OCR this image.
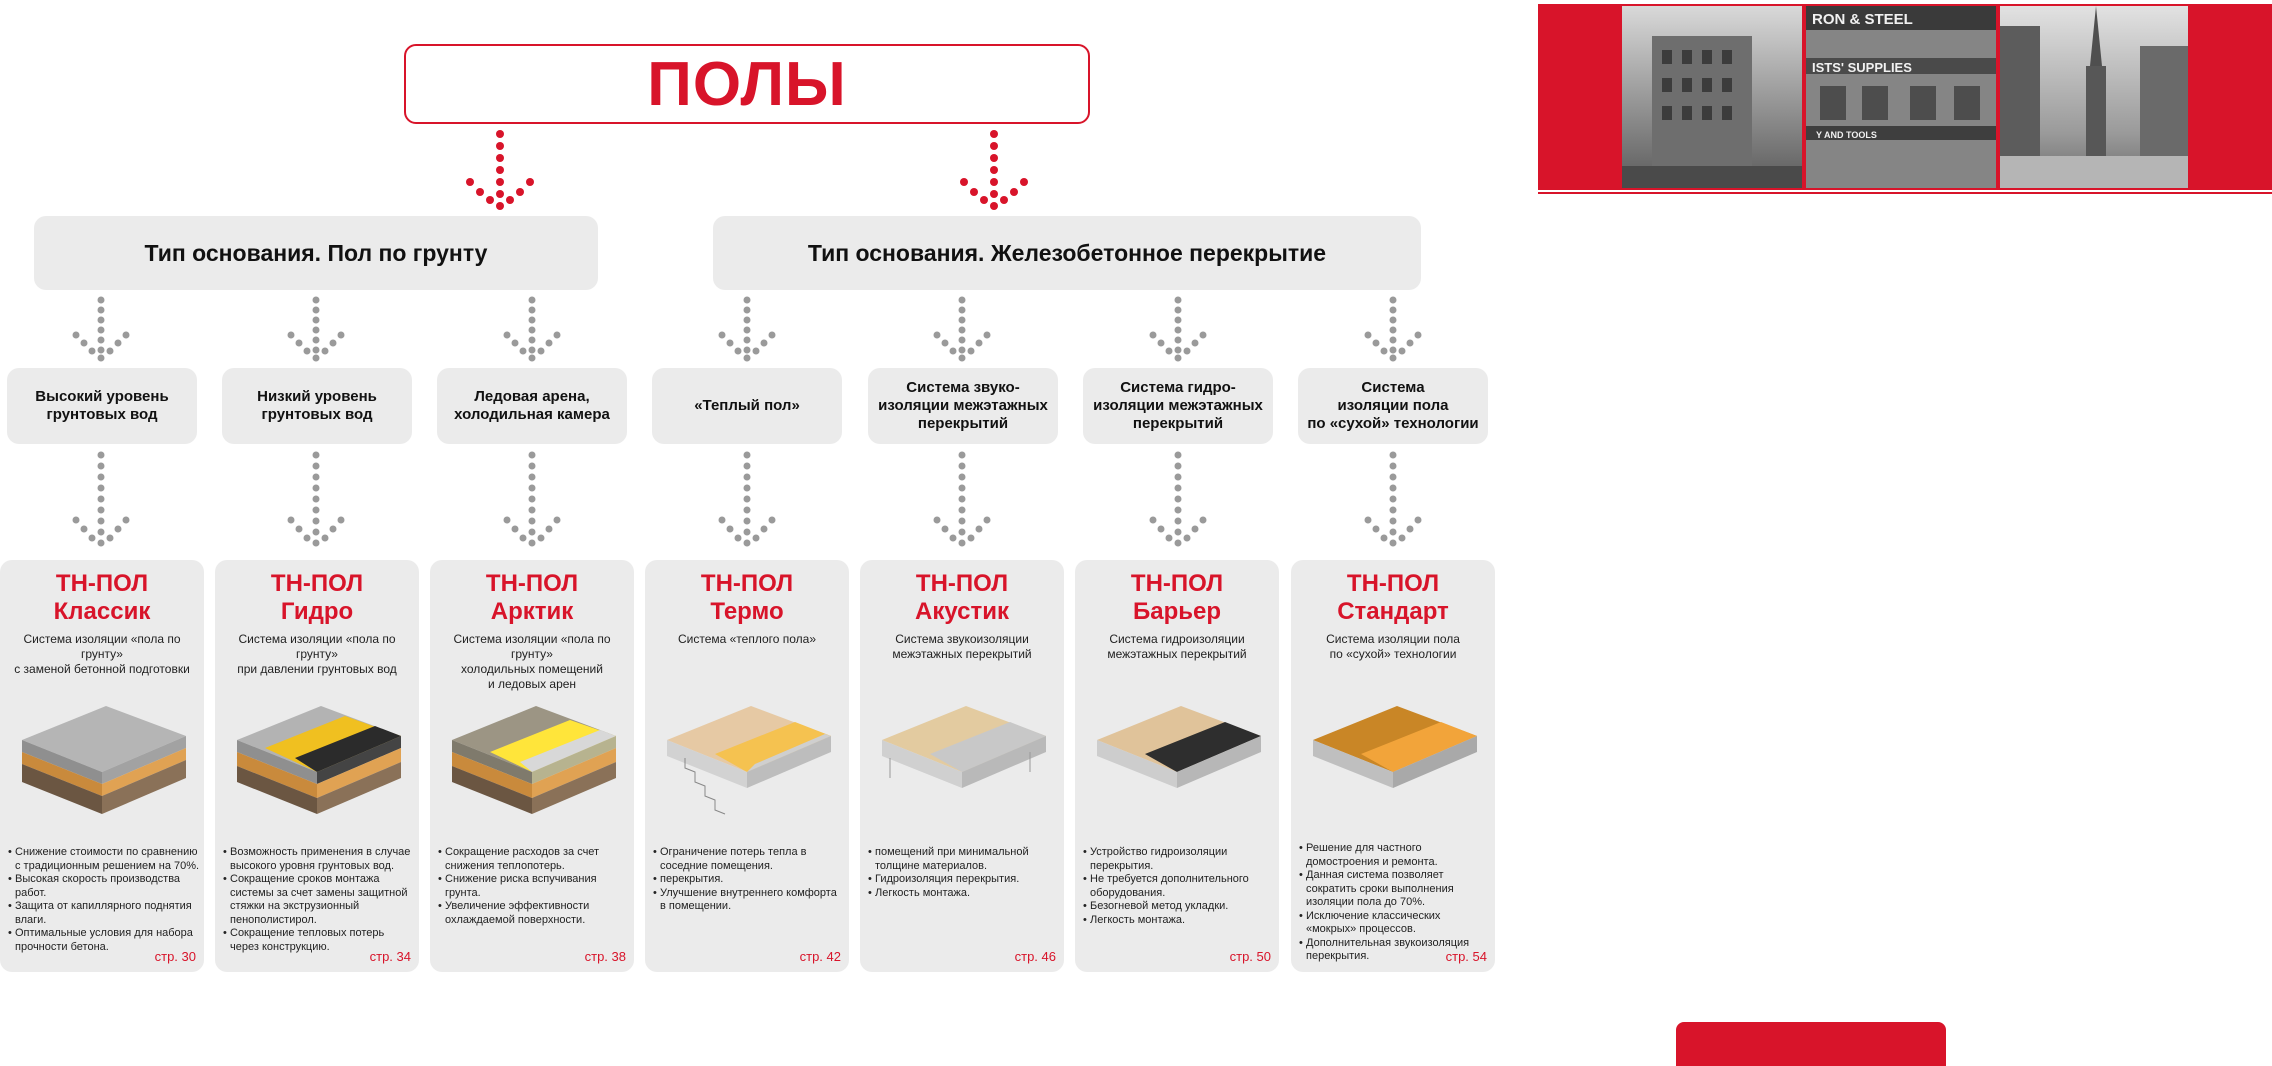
ПОЛЫ
Тип основания. Пол по грунту	Тип основания. Железобетонное перекрытие
Высокий уровень
грунтовых вод
Низкий уровень
грунтовых вод
Ледовая арена,
холодильная камера
«Теплый пол»
Система звуко-
изоляции межэтажных
перекрытий
Система гидро-
изоляции межэтажных
перекрытий
Система
изоляции пола
по «сухой» технологии
ТН-ПОЛ
Классик
Система изоляции «пола по грунту»
с заменой бетонной подготовки
• Снижение стоимости по сравнению с традиционным решением на 70%.
• Высокая скорость производства работ.
• Защита от капиллярного поднятия влаги.
• Оптимальные условия для набора прочности бетона.
стр. 30
ТН-ПОЛ
Гидро
Система изоляции «пола по грунту»
при давлении грунтовых вод
• Возможность применения в случае высокого уровня грунтовых вод.
• Сокращение сроков монтажа системы за счет замены защитной стяжки на экструзионный пенополистирол.
• Сокращение тепловых потерь через конструкцию.
стр. 34
ТН-ПОЛ
Арктик
Система изоляции «пола по грунту»
холодильных помещений
и ледовых арен
• Сокращение расходов за счет снижения теплопотерь.
• Снижение риска вспучивания грунта.
• Увеличение эффективности охлаждаемой поверхности.
стр. 38
ТН-ПОЛ
Термо
Система «теплого пола»
• Ограничение потерь тепла в соседние помещения.
• перекрытия.
• Улучшение внутреннего комфорта в помещении.
стр. 42
ТН-ПОЛ
Акустик
Система звукоизоляции
межэтажных перекрытий
• помещений при минимальной толщине материалов.
• Гидроизоляция перекрытия.
• Легкость монтажа.
стр. 46
ТН-ПОЛ
Барьер
Система гидроизоляции
межэтажных перекрытий
• Устройство гидроизоляции перекрытия.
• Не требуется дополнительного оборудования.
• Безогневой метод укладки.
• Легкость монтажа.
стр. 50
ТН-ПОЛ
Стандарт
Система изоляции пола
по «сухой» технологии
• Решение для частного домостроения и ремонта.
• Данная система позволяет сократить сроки выполнения изоляции пола до 70%.
• Исключение классических «мокрых» процессов.
• Дополнительная звукоизоляция перекрытия.	стр. 54
RON & STEEL
ISTS' SUPPLIES
Y AND TOOLS
